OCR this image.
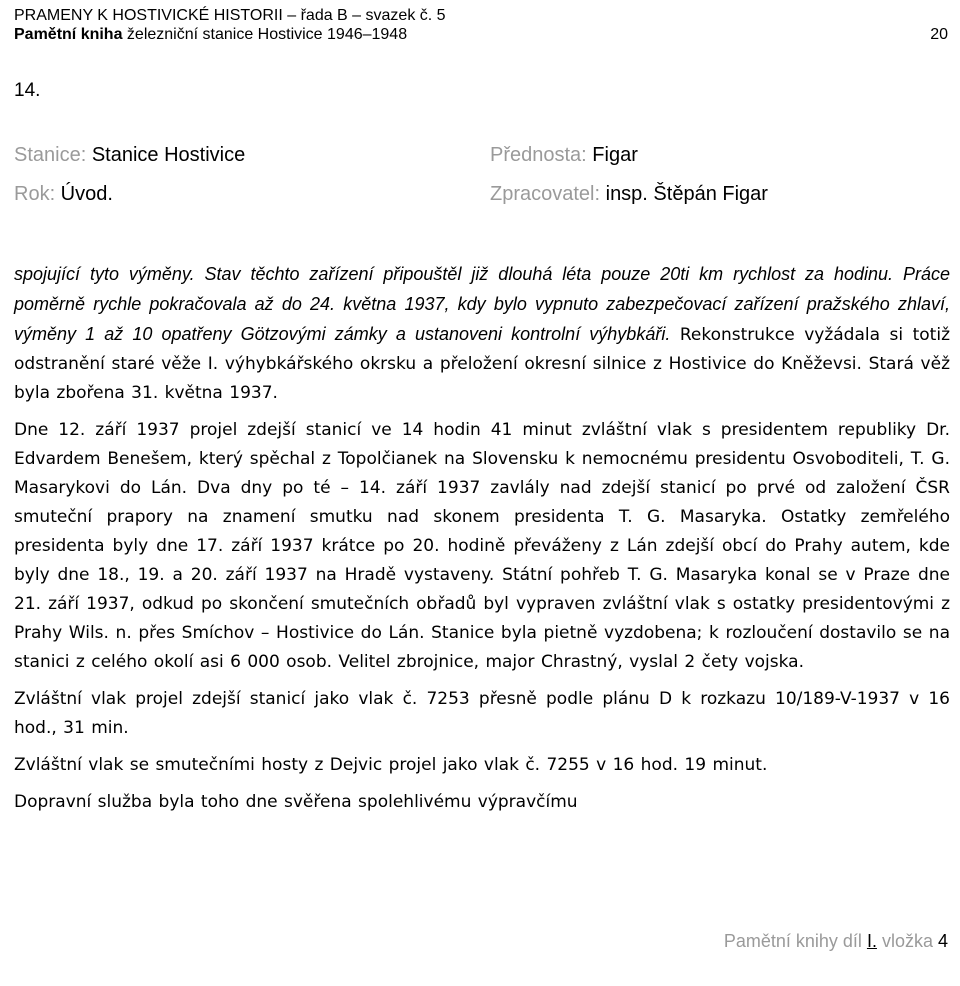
PRAMENY K HOSTIVICKÉ HISTORII – řada B – svazek č. 5
Pamětní kniha železniční stanice Hostivice 1946–1948	20
14.
Stanice: Stanice Hostivice	Přednosta: Figar
Rok: Úvod.	Zpracovatel: insp. Štěpán Figar

spojující tyto výměny. Stav těchto zařízení připouštěl již dlouhá léta pouze 20ti km rychlost za hodinu. Práce poměrně rychle pokračovala až do 24. května 1937, kdy bylo vypnuto zabezpečovací zařízení pražského zhlaví, výměny 1 až 10 opatřeny Götzovými zámky a ustanoveni kontrolní výhybkáři. Rekonstrukce vyžádala si totiž odstranění staré věže I. výhybkářského okrsku a přeložení okresní silnice z Hostivice do Kněževsi. Stará věž byla zbořena 31. května 1937.

Dne 12. září 1937 projel zdejší stanicí ve 14 hodin 41 minut zvláštní vlak s presidentem republiky Dr. Edvardem Benešem, který spěchal z Topolčianek na Slovensku k nemocnému presidentu Osvoboditeli, T. G. Masarykovi do Lán. Dva dny po té – 14. září 1937 zavlály nad zdejší stanicí po prvé od založení ČSR smuteční prapory na znamení smutku nad skonem presidenta T. G. Masaryka. Ostatky zemřelého presidenta byly dne 17. září 1937 krátce po 20. hodině převáženy z Lán zdejší obcí do Prahy autem, kde byly dne 18., 19. a 20. září 1937 na Hradě vystaveny. Státní pohřeb T. G. Masaryka konal se v Praze dne 21. září 1937, odkud po skončení smutečních obřadů byl vypraven zvláštní vlak s ostatky presidentovými z Prahy Wils. n. přes Smíchov – Hostivice do Lán. Stanice byla pietně vyzdobena; k rozloučení dostavilo se na stanici z celého okolí asi 6 000 osob. Velitel zbrojnice, major Chrastný, vyslal 2 čety vojska.

Zvláštní vlak projel zdejší stanicí jako vlak č. 7253 přesně podle plánu D k rozkazu 10/189-V-1937 v 16 hod., 31 min.

Zvláštní vlak se smutečními hosty z Dejvic projel jako vlak č. 7255 v 16 hod. 19 minut.

Dopravní služba byla toho dne svěřena spolehlivému výpravčímu

Pamětní knihy díl I. vložka 4
